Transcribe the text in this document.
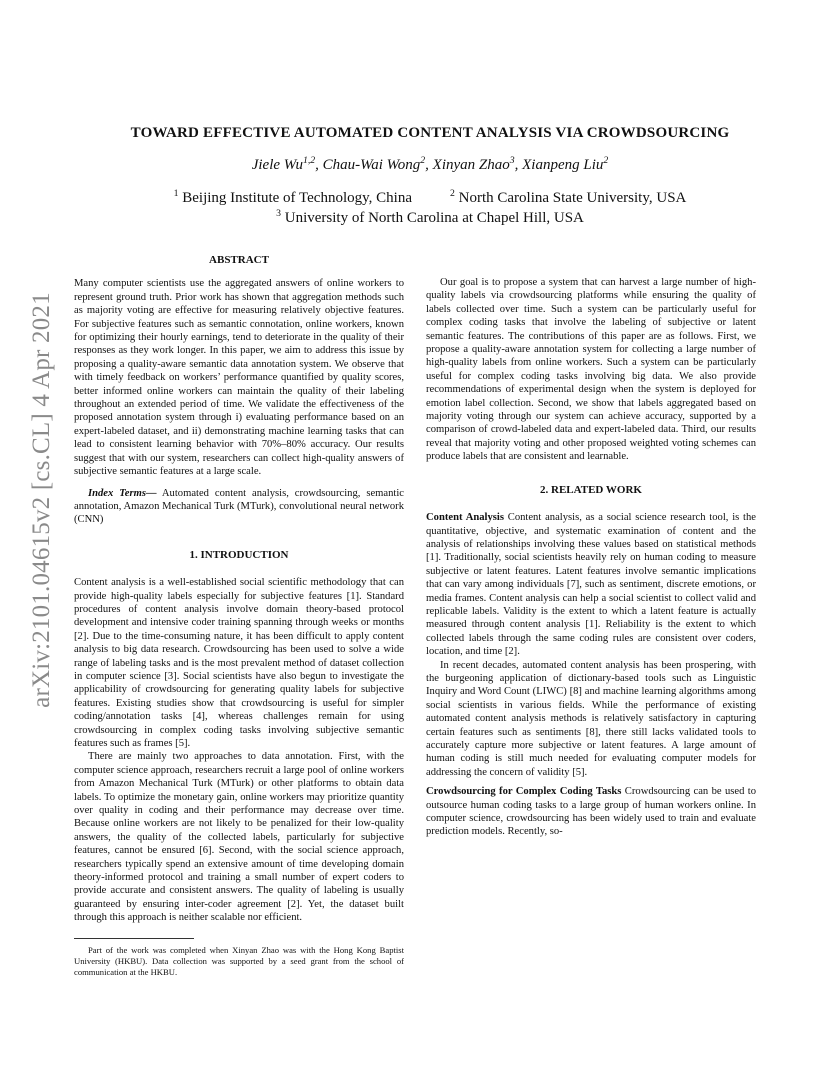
arXiv:2101.04615v2 [cs.CL] 4 Apr 2021
TOWARD EFFECTIVE AUTOMATED CONTENT ANALYSIS VIA CROWDSOURCING
Jiele Wu$^{1,2}$, Chau-Wai Wong$^2$, Xinyan Zhao$^3$, Xianpeng Liu$^2$
$^1$ Beijing Institute of Technology, China	$^2$ North Carolina State University, USA
$^3$ University of North Carolina at Chapel Hill, USA
ABSTRACT

Many computer scientists use the aggregated answers of online workers to represent ground truth. Prior work has shown that aggregation methods such as majority voting are effective for measuring relatively objective features. For subjective features such as semantic connotation, online workers, known for optimizing their hourly earnings, tend to deteriorate in the quality of their responses as they work longer. In this paper, we aim to address this issue by proposing a quality-aware semantic data annotation system. We observe that with timely feedback on workers’ performance quantified by quality scores, better informed online workers can maintain the quality of their labeling throughout an extended period of time. We validate the effectiveness of the proposed annotation system through i) evaluating performance based on an expert-labeled dataset, and ii) demonstrating machine learning tasks that can lead to consistent learning behavior with 70%–80% accuracy. Our results suggest that with our system, researchers can collect high-quality answers of subjective semantic features at a large scale.

Index Terms— Automated content analysis, crowdsourcing, semantic annotation, Amazon Mechanical Turk (MTurk), convolutional neural network (CNN)

1. INTRODUCTION

Content analysis is a well-established social scientific methodology that can provide high-quality labels especially for subjective features [1]. Standard procedures of content analysis involve domain theory-based protocol development and intensive coder training spanning through weeks or months [2]. Due to the time-consuming nature, it has been difficult to apply content analysis to big data research. Crowdsourcing has been used to solve a wide range of labeling tasks and is the most prevalent method of dataset collection in computer science [3]. Social scientists have also begun to investigate the applicability of crowdsourcing for generating quality labels for subjective features. Existing studies show that crowdsourcing is useful for simpler coding/annotation tasks [4], whereas challenges remain for using crowdsourcing in complex coding tasks involving subjective semantic features such as frames [5].

There are mainly two approaches to data annotation. First, with the computer science approach, researchers recruit a large pool of online workers from Amazon Mechanical Turk (MTurk) or other platforms to obtain data labels. To optimize the monetary gain, online workers may prioritize quantity over quality in coding and their performance may decrease over time. Because online workers are not likely to be penalized for their low-quality answers, the quality of the collected labels, particularly for subjective features, cannot be ensured [6]. Second, with the social science approach, researchers typically spend an extensive amount of time developing domain theory-informed protocol and training a small number of expert coders to provide accurate and consistent answers. The quality of labeling is usually guaranteed by ensuring inter-coder agreement [2]. Yet, the dataset built through this approach is neither scalable nor efficient.

Part of the work was completed when Xinyan Zhao was with the Hong Kong Baptist University (HKBU). Data collection was supported by a seed grant from the school of communication at the HKBU.

Our goal is to propose a system that can harvest a large number of high-quality labels via crowdsourcing platforms while ensuring the quality of labels collected over time. Such a system can be particularly useful for complex coding tasks that involve the labeling of subjective or latent semantic features. The contributions of this paper are as follows. First, we propose a quality-aware annotation system for collecting a large number of high-quality labels from online workers. Such a system can be particularly useful for complex coding tasks involving big data. We also provide recommendations of experimental design when the system is deployed for emotion label collection. Second, we show that labels aggregated based on majority voting through our system can achieve accuracy, supported by a comparison of crowd-labeled data and expert-labeled data. Third, our results reveal that majority voting and other proposed weighted voting schemes can produce labels that are consistent and learnable.

2. RELATED WORK

Content Analysis Content analysis, as a social science research tool, is the quantitative, objective, and systematic examination of content and the analysis of relationships involving these values based on statistical methods [1]. Traditionally, social scientists heavily rely on human coding to measure subjective or latent features. Latent features involve semantic implications that can vary among individuals [7], such as sentiment, discrete emotions, or media frames. Content analysis can help a social scientist to collect valid and replicable labels. Validity is the extent to which a latent feature is actually measured through content analysis [1]. Reliability is the extent to which collected labels through the same coding rules are consistent over coders, location, and time [2].

In recent decades, automated content analysis has been prospering, with the burgeoning application of dictionary-based tools such as Linguistic Inquiry and Word Count (LIWC) [8] and machine learning algorithms among social scientists in various fields. While the performance of existing automated content analysis methods is relatively satisfactory in capturing certain features such as sentiments [8], there still lacks validated tools to accurately capture more subjective or latent features. A large amount of human coding is still much needed for evaluating computer models for addressing the concern of validity [5].

Crowdsourcing for Complex Coding Tasks Crowdsourcing can be used to outsource human coding tasks to a large group of human workers online. In computer science, crowdsourcing has been widely used to train and evaluate prediction models. Recently, so-
